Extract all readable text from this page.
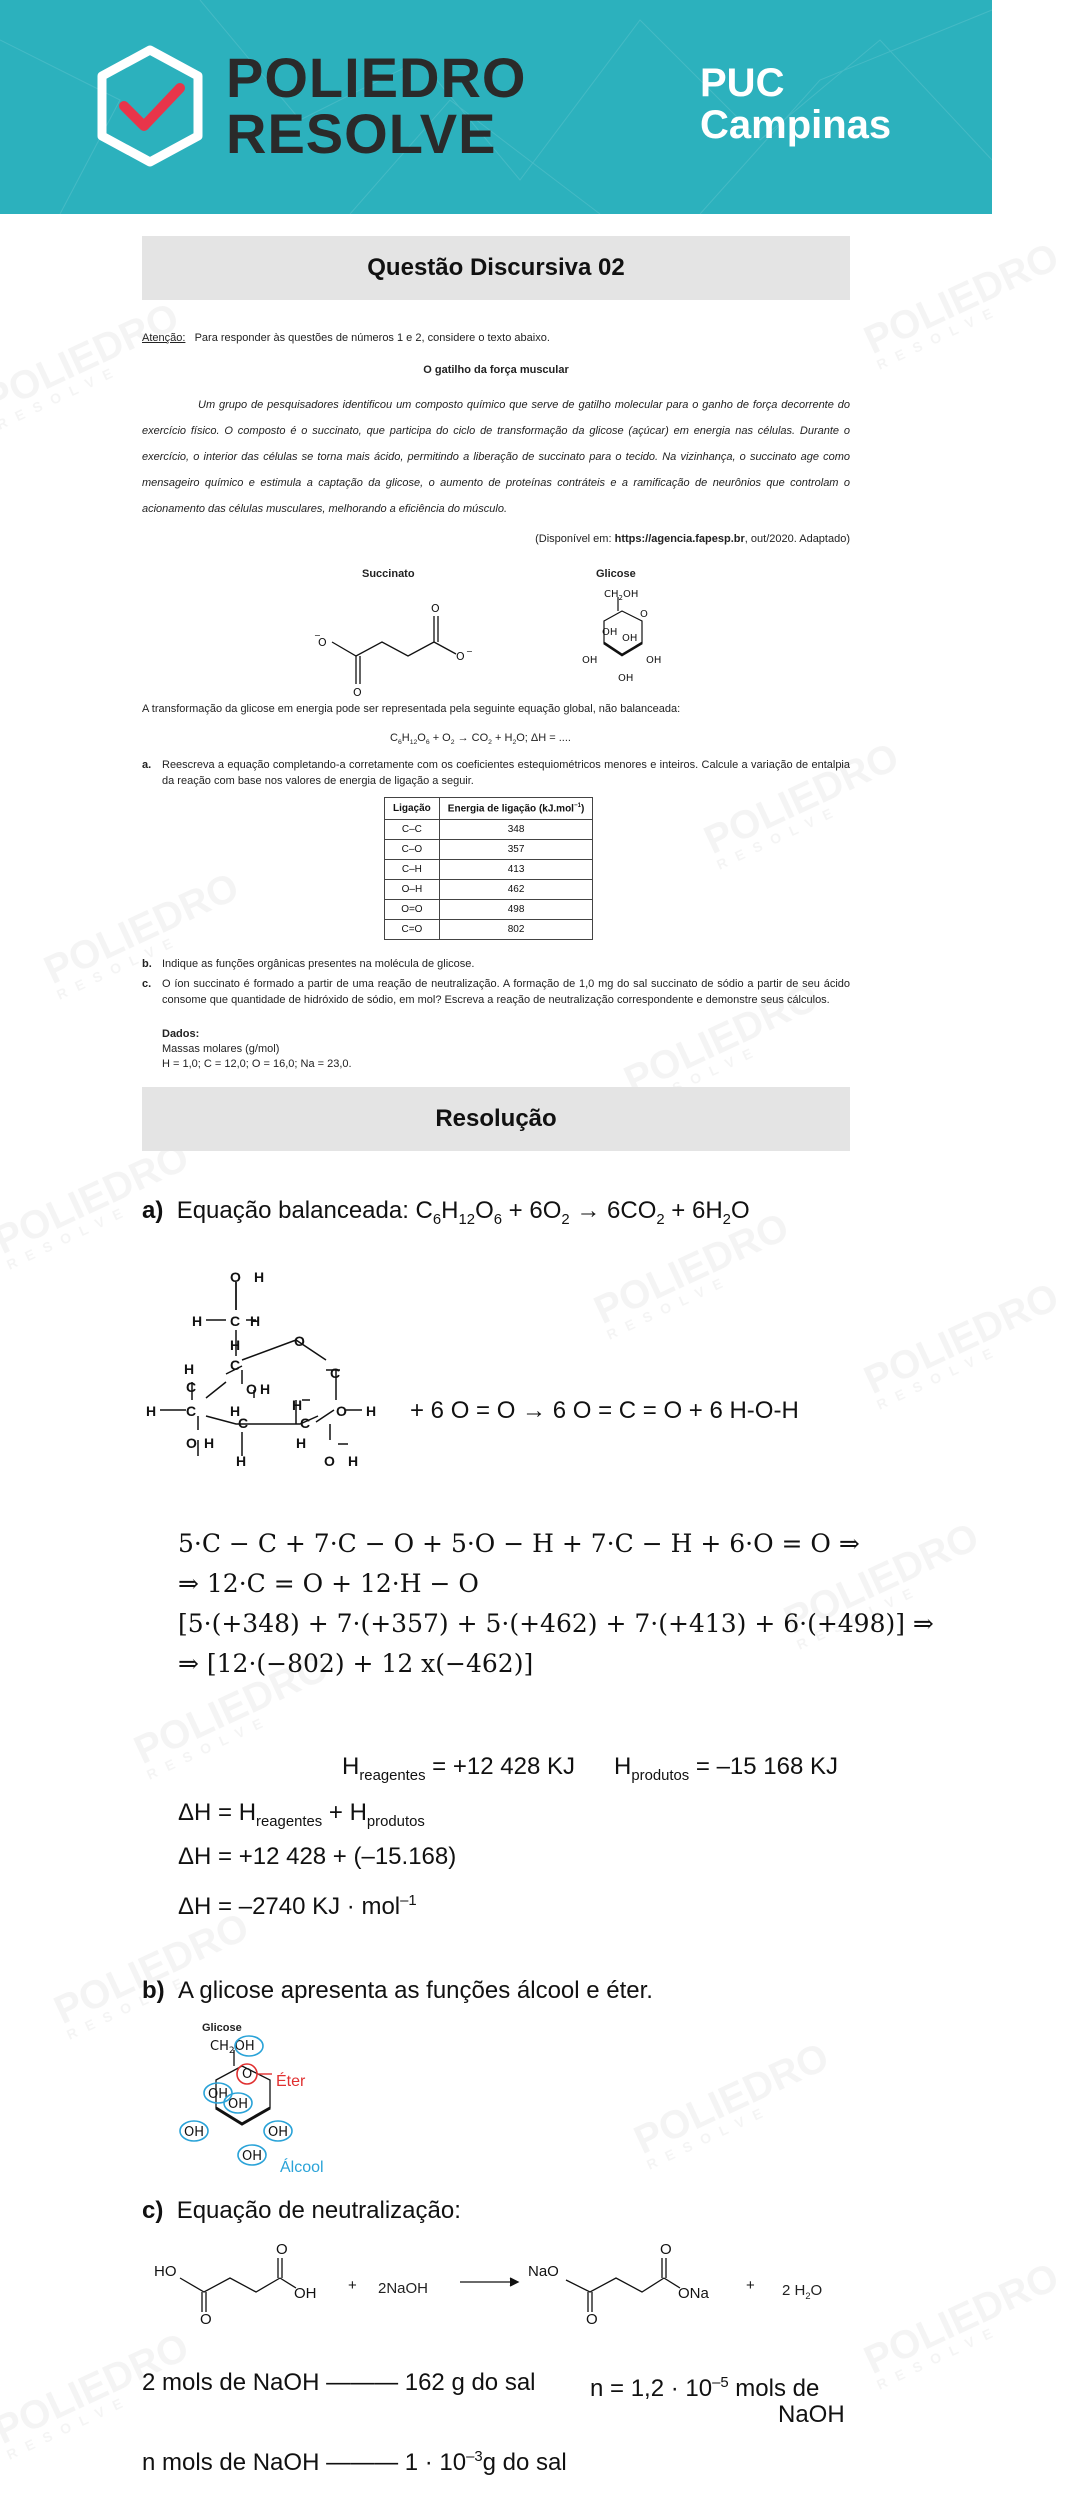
POLIEDRO
RESOLVE
PUC
Campinas
Questão Discursiva 02
Atenção: Para responder às questões de números 1 e 2, considere o texto abaixo.
O gatilho da força muscular
Um grupo de pesquisadores identificou um composto químico que serve de gatilho molecular para o ganho de força decorrente do exercício físico. O composto é o succinato, que participa do ciclo de transformação da glicose (açúcar) em energia nas células. Durante o exercício, o interior das células se torna mais ácido, permitindo a liberação de succinato para o tecido. Na vizinhança, o succinato age como mensageiro químico e estimula a captação da glicose, o aumento de proteínas contráteis e a ramificação de neurônios que controlam o acionamento das células musculares, melhorando a eficiência do músculo.
(Disponível em: https://agencia.fapesp.br, out/2020. Adaptado)
Succinato	Glicose
O
−
O
O
O −
$CH_2OH$
O
OH
OH
OH	OH
OH
A transformação da glicose em energia pode ser representada pela seguinte equação global, não balanceada:
$C_6H_{12}O_6 + O_2 \to CO_2 + H_2O$; ΔH = ....
a. Reescreva a equação completando-a corretamente com os coeficientes estequiométricos menores e inteiros. Calcule a variação de entalpia da reação com base nos valores de energia de ligação a seguir.
Ligação	Energia de ligação (kJ.mol$^{-1}$)
C–C	348
C–O	357
C–H	413
O–H	462
O=O	498
C=O	802
b. Indique as funções orgânicas presentes na molécula de glicose.
c. O íon succinato é formado a partir de uma reação de neutralização. A formação de 1,0 mg do sal succinato de sódio a partir de seu ácido consome que quantidade de hidróxido de sódio, em mol? Escreva a reação de neutralização correspondente e demonstre seus cálculos.
Dados:
Massas molares (g/mol)
H = 1,0; C = 12,0; O = 16,0; Na = 23,0.
Resolução
a) Equação balanceada: $C_6H_{12}O_6 + 6O_2 \to 6CO_2 + 6H_2O$
O H
H C H
H
C
O
H	C
C	O H
H C H	H O H
C	C
O H	H
H	O H
+ 6 O = O → 6 O = C = O + 6 H-O-H
5·C − C + 7·C − O + 5·O − H + 7·C − H + 6·O = O ⇒
⇒ 12·C = O + 12·H − O
[5·(+348) + 7·(+357) + 5·(+462) + 7·(+413) + 6·(+498)] ⇒
⇒ [12·(−802) + 12 x(−462)]
$H_{reagentes} = +12$ 428 KJ $H_{produtos} = -15$ 168 KJ
$\Delta H = H_{reagentes} + H_{produtos}$
ΔH = +12 428 + (–15.168)
ΔH = –2740 KJ · mol$^{-1}$
b) A glicose apresenta as funções álcool e éter.
Glicose
$CH_2OH$
O
OH
OH
OH	OH
OH
Éter
Álcool
c) Equação de neutralização:
HO
O
O
OH +
NaO
O
O
ONa +
2NaOH	2 $H_2O$
2 mols de NaOH ——— 162 g do sal $n = 1,2 \cdot 10^{-5}$ mols de
NaOH
n mols de NaOH ——— $1 \cdot 10^{-3}g$ do sal
